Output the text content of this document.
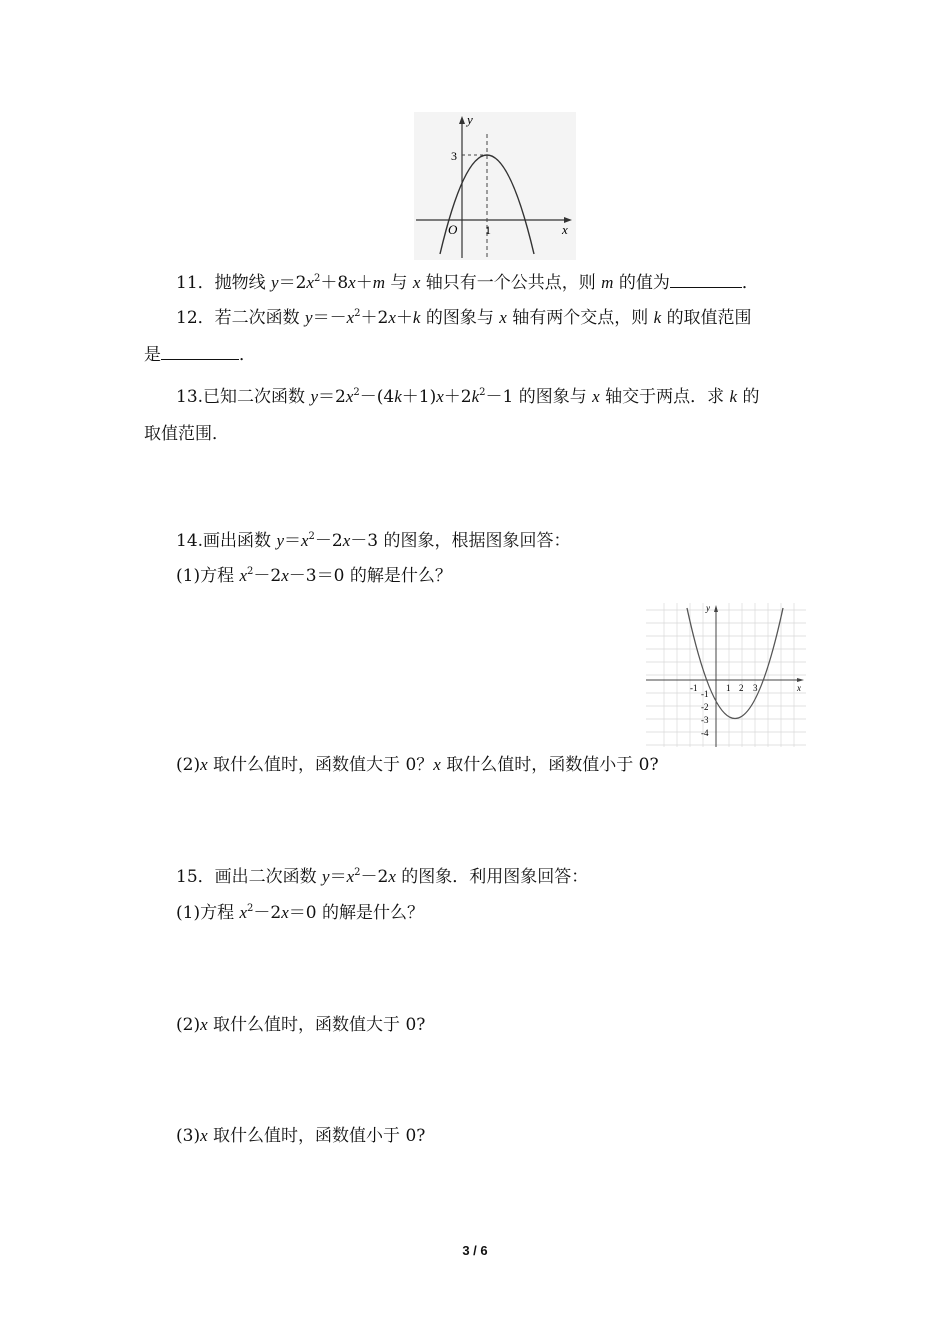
y
x
O 1
3
11．抛物线 $y=2x^2+8x+m$ 与 x 轴只有一个公共点，则 m 的值为	．
12．若二次函数 $y=-x^2+2x+k$ 的图象与 x 轴有两个交点，则 k 的取值范围
是	．
13.已知二次函数 $y=2x^2-(4k+1)x+2k^2-1$ 的图象与 x 轴交于两点．求 k 的
取值范围．
14.画出函数 $y=x^2-2x-3$ 的图象，根据图象回答：
(1)方程 $x^2-2x-3=0$ 的解是什么？
y
x
-1	1 2 3
-1
-2
-3
-4
(2)x 取什么值时，函数值大于 0？x 取什么值时，函数值小于 0?
15．画出二次函数 $y=x^2-2x$ 的图象．利用图象回答：
(1)方程 $x^2-2x=0$ 的解是什么？
(2)x 取什么值时，函数值大于 0?
(3)x 取什么值时，函数值小于 0?
3 / 6
